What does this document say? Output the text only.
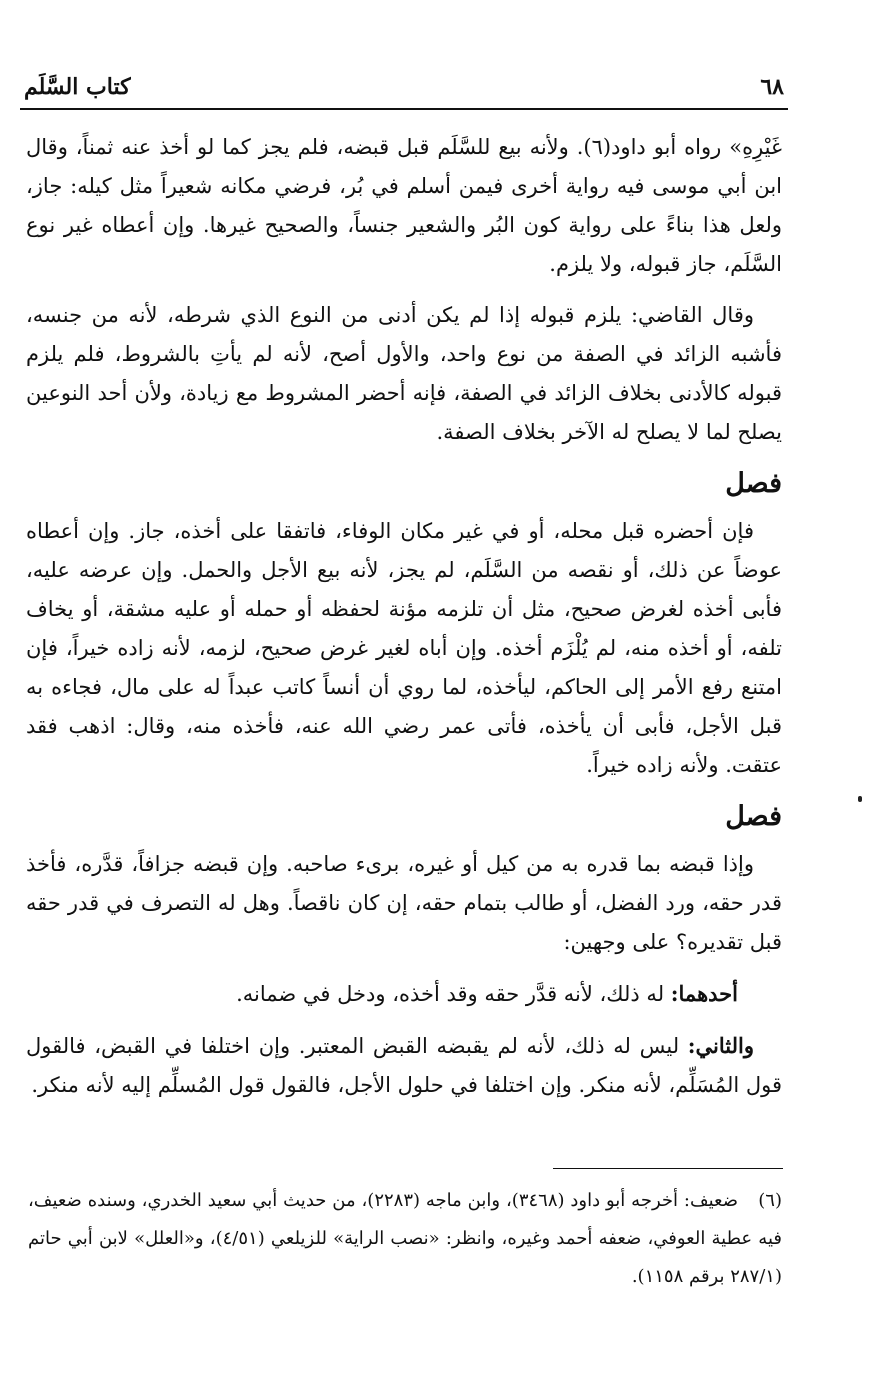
٦٨
كتاب السَّلَم

غَيْرِهِ» رواه أبو داود(٦). ولأنه بيع للسَّلَم قبل قبضه، فلم يجز كما لو أخذ عنه ثمناً، وقال ابن أبي موسى فيه رواية أخرى فيمن أسلم في بُر، فرضي مكانه شعيراً مثل كيله: جاز، ولعل هذا بناءً على رواية كون البُر والشعير جنساً، والصحيح غيرها. وإن أعطاه غير نوع السَّلَم، جاز قبوله، ولا يلزم.

وقال القاضي: يلزم قبوله إذا لم يكن أدنى من النوع الذي شرطه، لأنه من جنسه، فأشبه الزائد في الصفة من نوع واحد، والأول أصح، لأنه لم يأتِ بالشروط، فلم يلزم قبوله كالأدنى بخلاف الزائد في الصفة، فإنه أحضر المشروط مع زيادة، ولأن أحد النوعين يصلح لما لا يصلح له الآخر بخلاف الصفة.

فصل

فإن أحضره قبل محله، أو في غير مكان الوفاء، فاتفقا على أخذه، جاز. وإن أعطاه عوضاً عن ذلك، أو نقصه من السَّلَم، لم يجز، لأنه بيع الأجل والحمل. وإن عرضه عليه، فأبى أخذه لغرض صحيح، مثل أن تلزمه مؤنة لحفظه أو حمله أو عليه مشقة، أو يخاف تلفه، أو أخذه منه، لم يُلْزَم أخذه. وإن أباه لغير غرض صحيح، لزمه، لأنه زاده خيراً، فإن امتنع رفع الأمر إلى الحاكم، ليأخذه، لما روي أن أنساً كاتب عبداً له على مال، فجاءه به قبل الأجل، فأبى أن يأخذه، فأتى عمر رضي الله عنه، فأخذه منه، وقال: اذهب فقد عتقت. ولأنه زاده خيراً.

فصل

وإذا قبضه بما قدره به من كيل أو غيره، برىء صاحبه. وإن قبضه جزافاً، قدَّره، فأخذ قدر حقه، ورد الفضل، أو طالب بتمام حقه، إن كان ناقصاً. وهل له التصرف في قدر حقه قبل تقديره؟ على وجهين:

أحدهما: له ذلك، لأنه قدَّر حقه وقد أخذه، ودخل في ضمانه.

والثاني: ليس له ذلك، لأنه لم يقبضه القبض المعتبر. وإن اختلفا في القبض، فالقول قول المُسَلِّم، لأنه منكر. وإن اختلفا في حلول الأجل، فالقول قول المُسلِّم إليه لأنه منكر.

(٦)ضعيف: أخرجه أبو داود (٣٤٦٨)، وابن ماجه (٢٢٨٣)، من حديث أبي سعيد الخدري، وسنده ضعيف، فيه عطية العوفي، ضعفه أحمد وغيره، وانظر: «نصب الراية» للزيلعي (٤/٥١)، و«العلل» لابن أبي حاتم (٢٨٧/١ برقم ١١٥٨).
